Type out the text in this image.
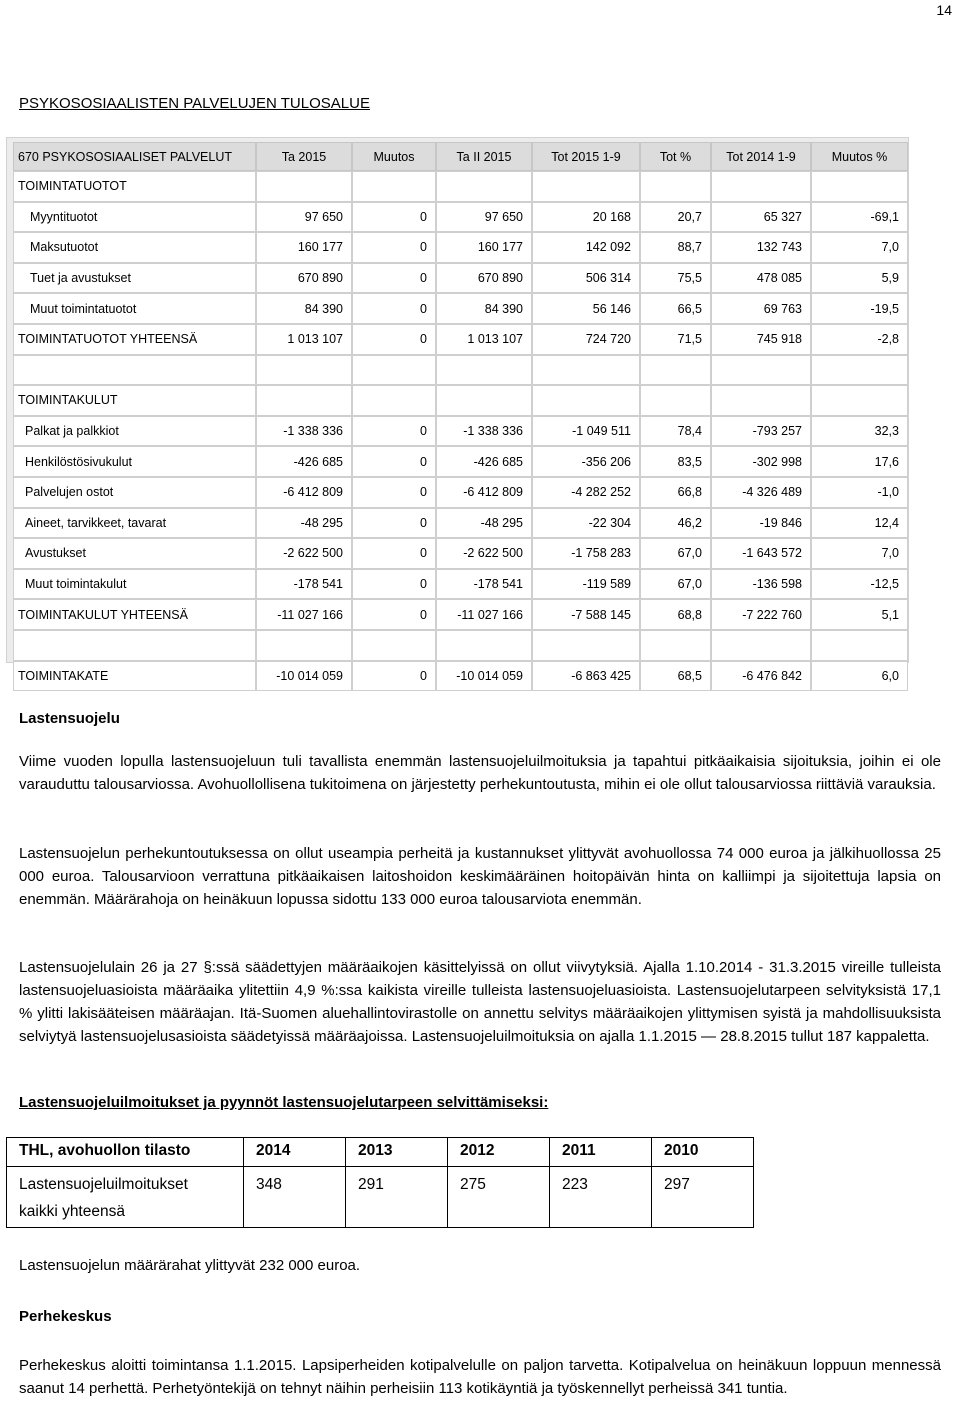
14
PSYKOSOSIAALISTEN PALVELUJEN TULOSALUE
670 PSYKOSOSIAALISET PALVELUT	Ta 2015	Muutos	Ta II 2015	Tot 2015 1-9	Tot %	Tot 2014 1-9	Muutos %
TOIMINTATUOTOT							
Myyntituotot	97 650	0	97 650	20 168	20,7	65 327	-69,1
Maksutuotot	160 177	0	160 177	142 092	88,7	132 743	7,0
Tuet ja avustukset	670 890	0	670 890	506 314	75,5	478 085	5,9
Muut toimintatuotot	84 390	0	84 390	56 146	66,5	69 763	-19,5
TOIMINTATUOTOT YHTEENSÄ	1 013 107	0	1 013 107	724 720	71,5	745 918	-2,8

TOIMINTAKULUT							
Palkat ja palkkiot	-1 338 336	0	-1 338 336	-1 049 511	78,4	-793 257	32,3
Henkilöstösivukulut	-426 685	0	-426 685	-356 206	83,5	-302 998	17,6
Palvelujen ostot	-6 412 809	0	-6 412 809	-4 282 252	66,8	-4 326 489	-1,0
Aineet, tarvikkeet, tavarat	-48 295	0	-48 295	-22 304	46,2	-19 846	12,4
Avustukset	-2 622 500	0	-2 622 500	-1 758 283	67,0	-1 643 572	7,0
Muut toimintakulut	-178 541	0	-178 541	-119 589	67,0	-136 598	-12,5
TOIMINTAKULUT YHTEENSÄ	-11 027 166	0	-11 027 166	-7 588 145	68,8	-7 222 760	5,1

TOIMINTAKATE	-10 014 059	0	-10 014 059	-6 863 425	68,5	-6 476 842	6,0
Lastensuojelu
Viime vuoden lopulla lastensuojeluun tuli tavallista enemmän lastensuojeluilmoituksia ja tapahtui pitkäaikaisia sijoituksia, joihin ei ole varauduttu talousarviossa. Avohuollollisena tukitoimena on järjestetty perhekuntoutusta, mihin ei ole ollut talousarviossa riittäviä varauksia.
Lastensuojelun perhekuntoutuksessa on ollut useampia perheitä ja kustannukset ylittyvät avohuollossa 74 000 euroa ja jälkihuollossa 25 000 euroa. Talousarvioon verrattuna pitkäaikaisen laitoshoidon keskimääräinen hoitopäivän hinta on kalliimpi ja sijoitettuja lapsia on enemmän. Määrärahoja on heinäkuun lopussa sidottu 133 000 euroa talousarviota enemmän.
Lastensuojelulain 26 ja 27 §:ssä säädettyjen määräaikojen käsittelyissä on ollut viivytyksiä. Ajalla 1.10.2014 - 31.3.2015 vireille tulleista lastensuojeluasioista määräaika ylitettiin 4,9 %:ssa kaikista vireille tulleista lastensuojeluasioista. Lastensuojelutarpeen selvityksistä 17,1 % ylitti lakisääteisen määräajan. Itä-Suomen aluehallintovirastolle on annettu selvitys määräaikojen ylittymisen syistä ja mahdollisuuksista selviytyä lastensuojelusasioista säädetyissä määräajoissa. Lastensuojeluilmoituksia on ajalla 1.1.2015 — 28.8.2015 tullut 187 kappaletta.
Lastensuojeluilmoitukset ja pyynnöt lastensuojelutarpeen selvittämiseksi:
THL, avohuollon tilasto	2014	2013	2012	2011	2010
Lastensuojeluilmoitukset
kaikki yhteensä	348	291	275	223	297
Lastensuojelun määrärahat ylittyvät 232 000 euroa.
Perhekeskus
Perhekeskus aloitti toimintansa 1.1.2015. Lapsiperheiden kotipalvelulle on paljon tarvetta. Kotipalvelua on heinäkuun loppuun mennessä saanut 14 perhettä. Perhetyöntekijä on tehnyt näihin perheisiin 113 kotikäyntiä ja työskennellyt perheissä 341 tuntia.
